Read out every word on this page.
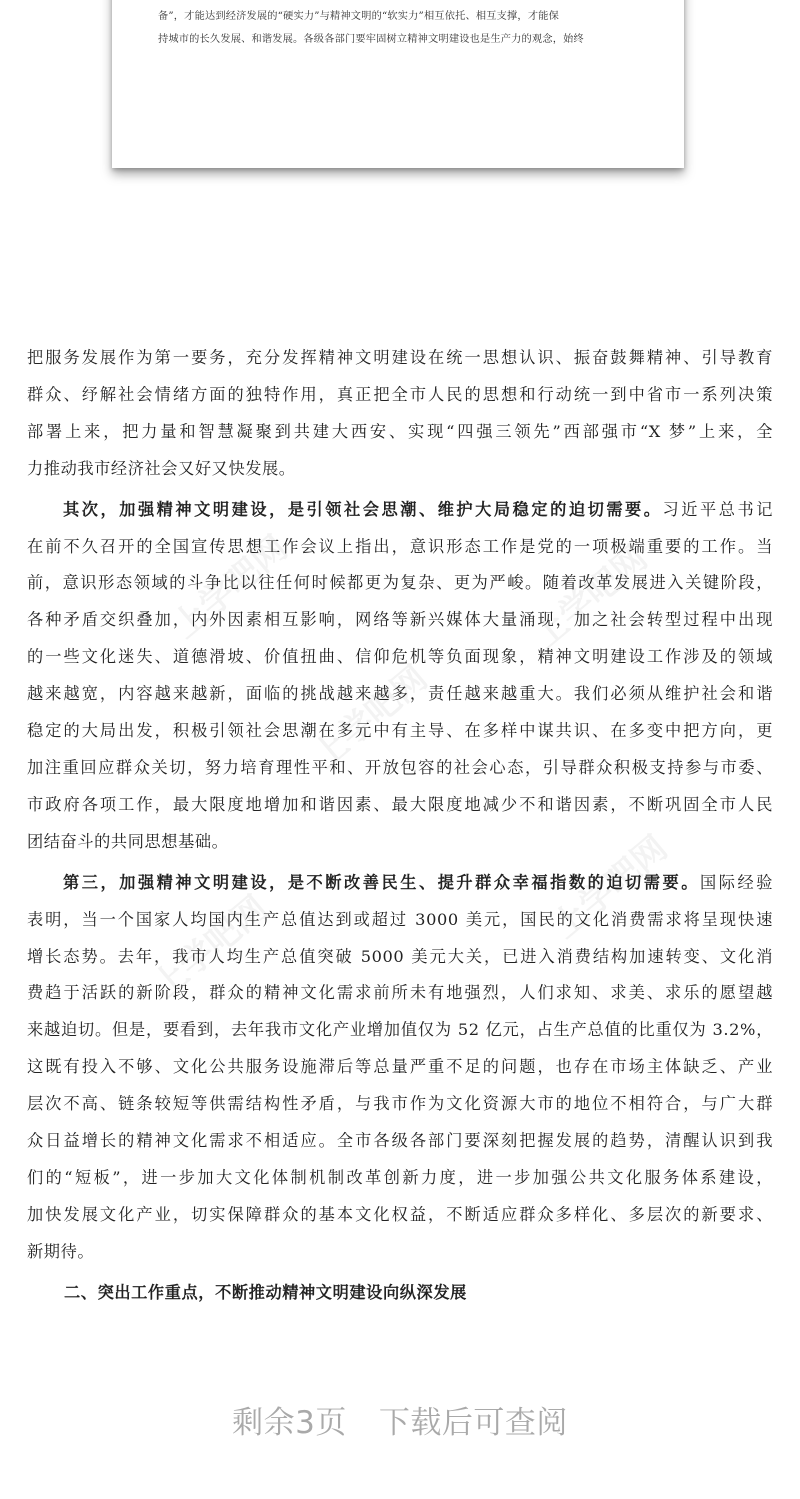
备”，才能达到经济发展的“硬实力”与精神文明的“软实力”相互依托、相互支撑，才能保
持城市的长久发展、和谐发展。各级各部门要牢固树立精神文明建设也是生产力的观念，始终
上学吧网
上学吧网
上学吧网
上学吧网
上学吧网
把服务发展作为第一要务，充分发挥精神文明建设在统一思想认识、振奋鼓舞精神、引导教育
群众、纾解社会情绪方面的独特作用，真正把全市人民的思想和行动统一到中省市一系列决策
部署上来，把力量和智慧凝聚到共建大西安、实现“四强三领先”西部强市“X 梦”上来，全
力推动我市经济社会又好又快发展。
其次，加强精神文明建设，是引领社会思潮、维护大局稳定的迫切需要。习近平总书记
在前不久召开的全国宣传思想工作会议上指出，意识形态工作是党的一项极端重要的工作。当
前，意识形态领域的斗争比以往任何时候都更为复杂、更为严峻。随着改革发展进入关键阶段，
各种矛盾交织叠加，内外因素相互影响，网络等新兴媒体大量涌现，加之社会转型过程中出现
的一些文化迷失、道德滑坡、价值扭曲、信仰危机等负面现象，精神文明建设工作涉及的领域
越来越宽，内容越来越新，面临的挑战越来越多，责任越来越重大。我们必须从维护社会和谐
稳定的大局出发，积极引领社会思潮在多元中有主导、在多样中谋共识、在多变中把方向，更
加注重回应群众关切，努力培育理性平和、开放包容的社会心态，引导群众积极支持参与市委、
市政府各项工作，最大限度地增加和谐因素、最大限度地减少不和谐因素，不断巩固全市人民
团结奋斗的共同思想基础。
第三，加强精神文明建设，是不断改善民生、提升群众幸福指数的迫切需要。国际经验
表明，当一个国家人均国内生产总值达到或超过 3000 美元，国民的文化消费需求将呈现快速
增长态势。去年，我市人均生产总值突破 5000 美元大关，已进入消费结构加速转变、文化消
费趋于活跃的新阶段，群众的精神文化需求前所未有地强烈，人们求知、求美、求乐的愿望越
来越迫切。但是，要看到，去年我市文化产业增加值仅为 52 亿元，占生产总值的比重仅为 3.2%，
这既有投入不够、文化公共服务设施滞后等总量严重不足的问题，也存在市场主体缺乏、产业
层次不高、链条较短等供需结构性矛盾，与我市作为文化资源大市的地位不相符合，与广大群
众日益增长的精神文化需求不相适应。全市各级各部门要深刻把握发展的趋势，清醒认识到我
们的“短板”，进一步加大文化体制机制改革创新力度，进一步加强公共文化服务体系建设，
加快发展文化产业，切实保障群众的基本文化权益，不断适应群众多样化、多层次的新要求、
新期待。
二、突出工作重点，不断推动精神文明建设向纵深发展
剩余3页 下载后可查阅
